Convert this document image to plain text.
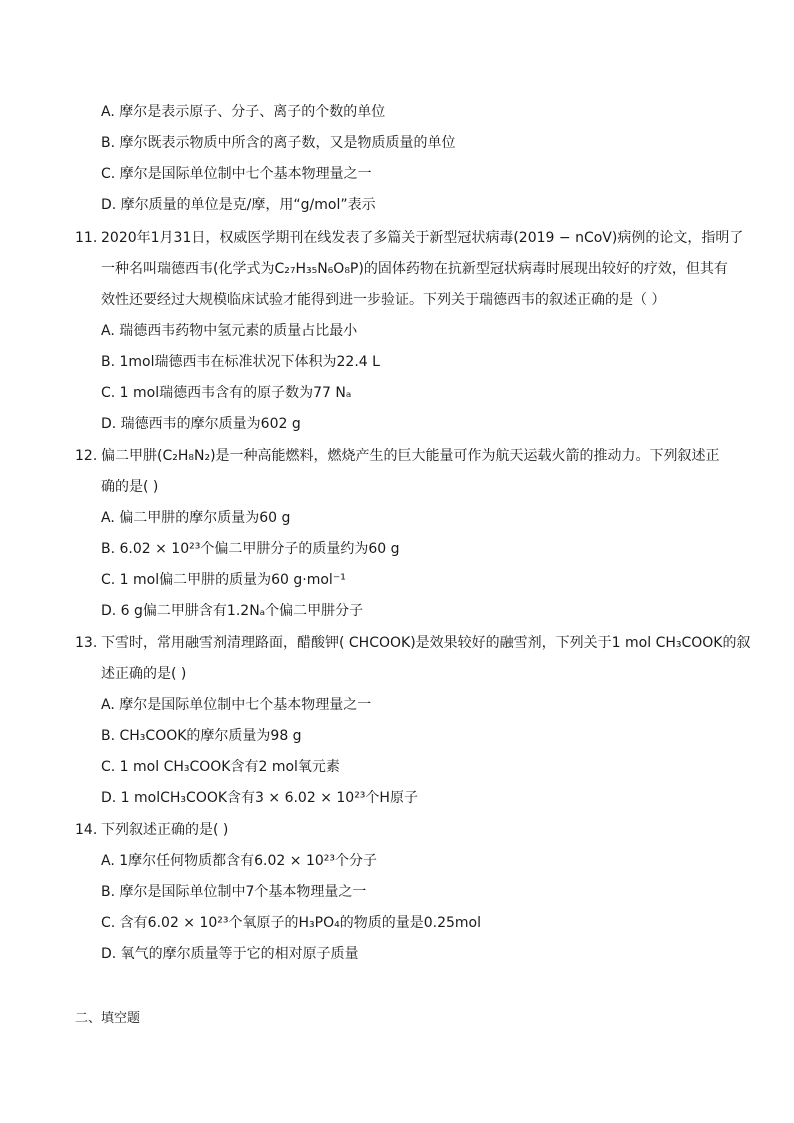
A. 摩尔是表示原子、分子、离子的个数的单位
B. 摩尔既表示物质中所含的离子数，又是物质质量的单位
C. 摩尔是国际单位制中七个基本物理量之一
D. 摩尔质量的单位是克/摩，用“g/mol”表示
11. 2020年1月31日，权威医学期刊在线发表了多篇关于新型冠状病毒(2019 − nCoV)病例的论文，指明了
一种名叫瑞德西韦(化学式为C₂₇H₃₅N₆O₈P)的固体药物在抗新型冠状病毒时展现出较好的疗效，但其有
效性还要经过大规模临床试验才能得到进一步验证。下列关于瑞德西韦的叙述正确的是（ ）
A. 瑞德西韦药物中氢元素的质量占比最小
B. 1mol瑞德西韦在标准状况下体积为22.4 L
C. 1 mol瑞德西韦含有的原子数为77 Nₐ
D. 瑞德西韦的摩尔质量为602 g
12. 偏二甲肼(C₂H₈N₂)是一种高能燃料，燃烧产生的巨大能量可作为航天运载火箭的推动力。下列叙述正
确的是( )
A. 偏二甲肼的摩尔质量为60 g
B. 6.02 × 10²³个偏二甲肼分子的质量约为60 g
C. 1 mol偏二甲肼的质量为60 g·mol⁻¹
D. 6 g偏二甲肼含有1.2Nₐ个偏二甲肼分子
13. 下雪时，常用融雪剂清理路面，醋酸钾( CHCOOK)是效果较好的融雪剂，下列关于1 mol CH₃COOK的叙
述正确的是( )
A. 摩尔是国际单位制中七个基本物理量之一
B. CH₃COOK的摩尔质量为98 g
C. 1 mol CH₃COOK含有2 mol氧元素
D. 1 molCH₃COOK含有3 × 6.02 × 10²³个H原子
14. 下列叙述正确的是( )
A. 1摩尔任何物质都含有6.02 × 10²³个分子
B. 摩尔是国际单位制中7个基本物理量之一
C. 含有6.02 × 10²³个氧原子的H₃PO₄的物质的量是0.25mol
D. 氧气的摩尔质量等于它的相对原子质量
二、填空题
